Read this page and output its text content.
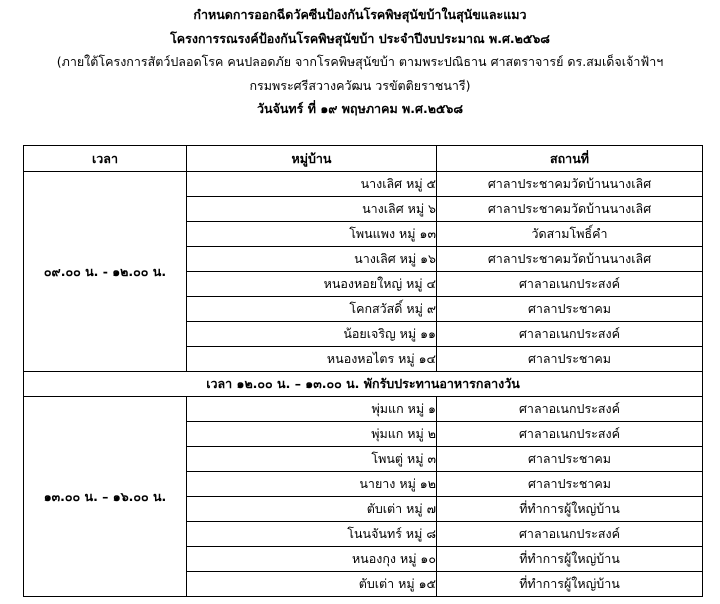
กำหนดการออกฉีดวัคซีนป้องกันโรคพิษสุนัขบ้าในสุนัขและแมว
โครงการรณรงค์ป้องกันโรคพิษสุนัขบ้า ประจำปีงบประมาณ พ.ศ.๒๕๖๘
(ภายใต้โครงการสัตว์ปลอดโรค คนปลอดภัย จากโรคพิษสุนัขบ้า ตามพระปณิธาน ศาสตราจารย์ ดร.สมเด็จเจ้าฟ้าฯ
กรมพระศรีสวางควัฒน วรขัตติยราชนารี)
วันจันทร์ ที่ ๑๙ พฤษภาคม พ.ศ.๒๕๖๘
เวลา	หมู่บ้าน	สถานที่
๐๙.๐๐ น. - ๑๒.๐๐ น.	นางเลิศ หมู่ ๕	ศาลาประชาคมวัดบ้านนางเลิศ
	นางเลิศ หมู่ ๖	ศาลาประชาคมวัดบ้านนางเลิศ
	โพนแพง หมู่ ๑๓	วัดสามโพธิ์คำ
	นางเลิศ หมู่ ๑๖	ศาลาประชาคมวัดบ้านนางเลิศ
	หนองหอยใหญ่ หมู่ ๔	ศาลาอเนกประสงค์
	โคกสวัสดิ์ หมู่ ๙	ศาลาประชาคม
	น้อยเจริญ หมู่ ๑๑	ศาลาอเนกประสงค์
	หนองหอไตร หมู่ ๑๔	ศาลาประชาคม
เวลา ๑๒.๐๐ น. – ๑๓.๐๐ น. พักรับประทานอาหารกลางวัน		
๑๓.๐๐ น. – ๑๖.๐๐ น.	พุ่มแก หมู่ ๑	ศาลาอเนกประสงค์
	พุ่มแก หมู่ ๒	ศาลาอเนกประสงค์
	โพนตู่ หมู่ ๓	ศาลาประชาคม
	นายาง หมู่ ๑๒	ศาลาประชาคม
	ตับเต่า หมู่ ๗	ที่ทำการผู้ใหญ่บ้าน
	โนนจันทร์ หมู่ ๘	ศาลาอเนกประสงค์
	หนองกุง หมู่ ๑๐	ที่ทำการผู้ใหญ่บ้าน
	ตับเต่า หมู่ ๑๕	ที่ทำการผู้ใหญ่บ้าน
